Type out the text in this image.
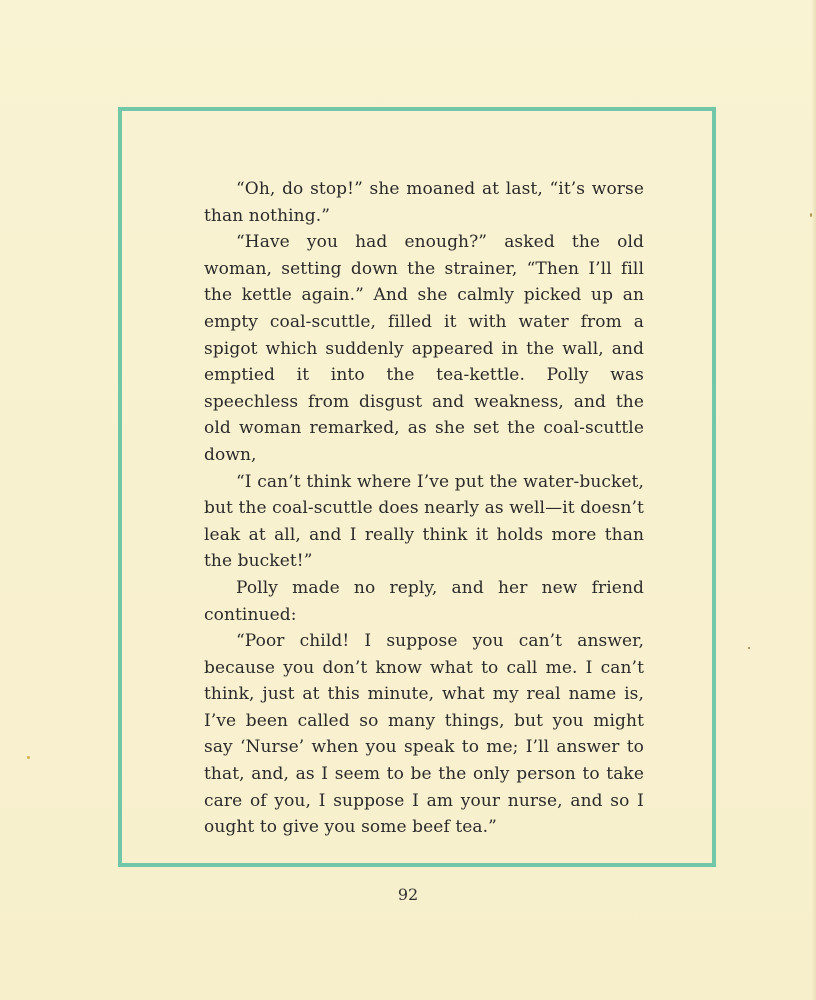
“Oh, do stop!” she moaned at last, “it’s worse than nothing.”

“Have you had enough?” asked the old woman, setting down the strainer, “Then I’ll fill the kettle again.” And she calmly picked up an empty coal-scuttle, filled it with water from a spigot which suddenly appeared in the wall, and emptied it into the tea-kettle. Polly was speechless from disgust and weakness, and the old woman remarked, as she set the coal-scuttle down,

“I can’t think where I’ve put the water-bucket, but the coal-scuttle does nearly as well—it doesn’t leak at all, and I really think it holds more than the bucket!”

Polly made no reply, and her new friend continued:

“Poor child! I suppose you can’t answer, because you don’t know what to call me. I can’t think, just at this minute, what my real name is, I’ve been called so many things, but you might say ‘Nurse’ when you speak to me; I’ll answer to that, and, as I seem to be the only person to take care of you, I suppose I am your nurse, and so I ought to give you some beef tea.”

92
